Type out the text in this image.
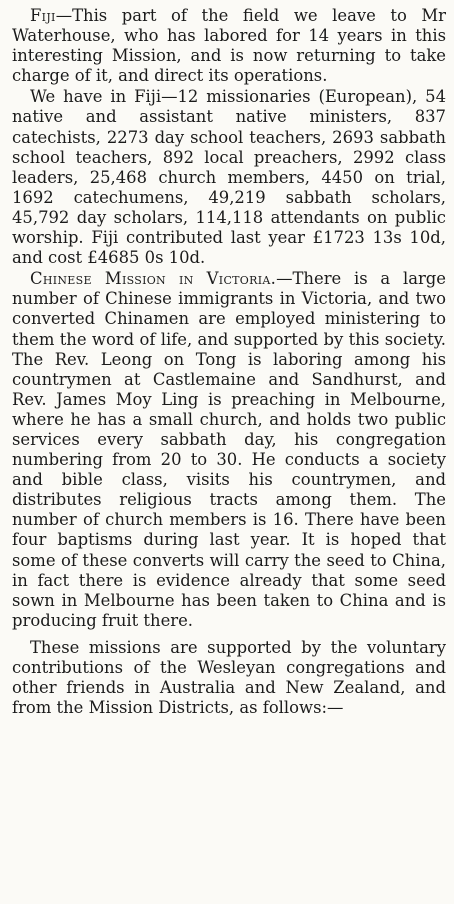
Fiji—This part of the field we leave to Mr Waterhouse, who has labored for 14 years in this interesting Mission, and is now returning to take charge of it, and direct its operations.

We have in Fiji—12 missionaries (European), 54 native and assistant native ministers, 837 catechists, 2273 day school teachers, 2693 sabbath school teachers, 892 local preachers, 2992 class leaders, 25,468 church members, 4450 on trial, 1692 catechumens, 49,219 sabbath scholars, 45,792 day scholars, 114,118 attendants on public worship. Fiji contributed last year £1723 13s 10d, and cost £4685 0s 10d.

Chinese Mission in Victoria.—There is a large number of Chinese immigrants in Victoria, and two converted Chinamen are employed ministering to them the word of life, and supported by this society. The Rev. Leong on Tong is laboring among his countrymen at Castlemaine and Sandhurst, and Rev. James Moy Ling is preaching in Melbourne, where he has a small church, and holds two public services every sabbath day, his congregation numbering from 20 to 30. He conducts a society and bible class, visits his countrymen, and distributes religious tracts among them. The number of church members is 16. There have been four baptisms during last year. It is hoped that some of these converts will carry the seed to China, in fact there is evidence already that some seed sown in Melbourne has been taken to China and is producing fruit there.

These missions are supported by the voluntary contributions of the Wesleyan congregations and other friends in Australia and New Zealand, and from the Mission Districts, as follows:—
